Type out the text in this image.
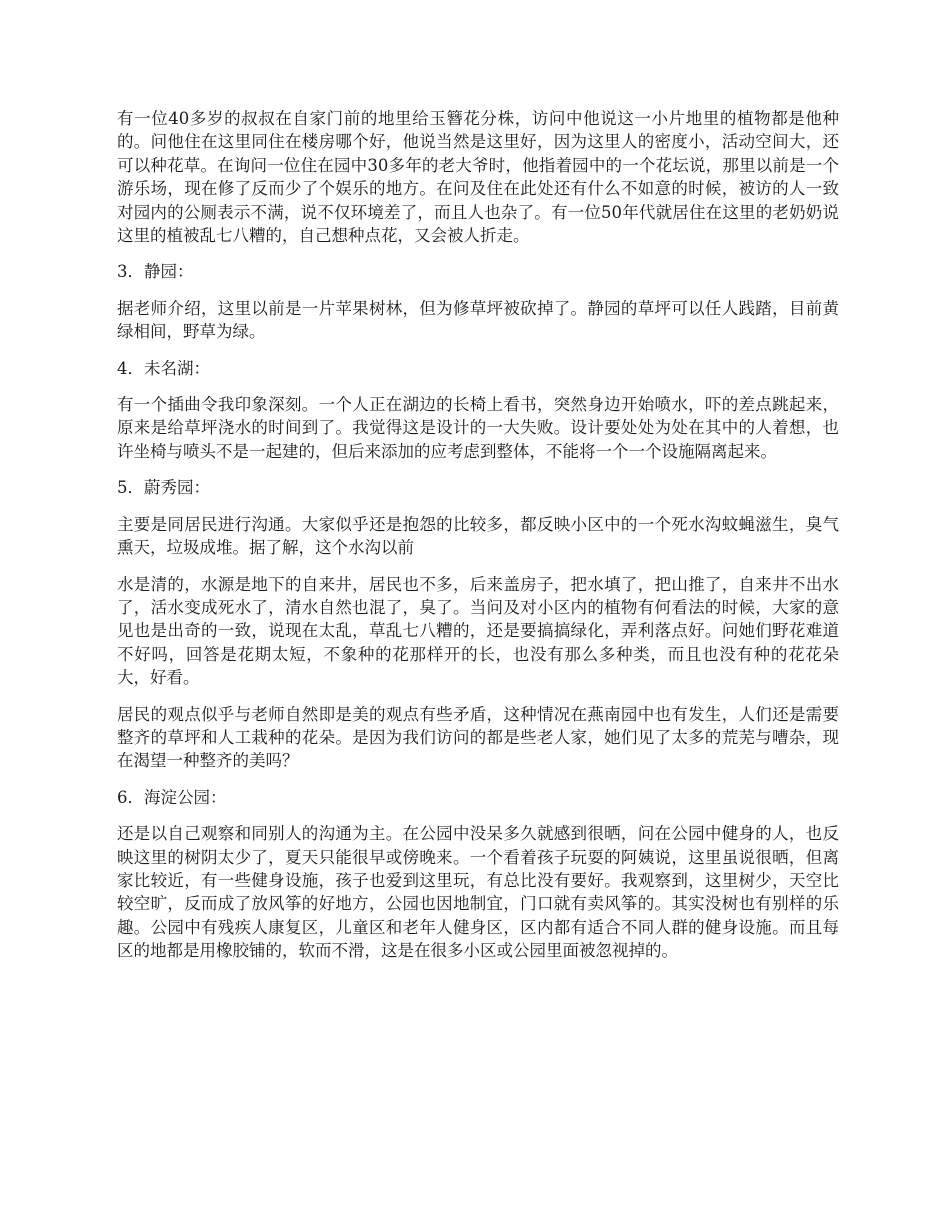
有一位40多岁的叔叔在自家门前的地里给玉簪花分株，访问中他说这一小片地里的植物都是他种的。问他住在这里同住在楼房哪个好，他说当然是这里好，因为这里人的密度小，活动空间大，还可以种花草。在询问一位住在园中30多年的老大爷时，他指着园中的一个花坛说，那里以前是一个游乐场，现在修了反而少了个娱乐的地方。在问及住在此处还有什么不如意的时候，被访的人一致对园内的公厕表示不满，说不仅环境差了，而且人也杂了。有一位50年代就居住在这里的老奶奶说这里的植被乱七八糟的，自己想种点花，又会被人折走。

3．静园：

据老师介绍，这里以前是一片苹果树林，但为修草坪被砍掉了。静园的草坪可以任人践踏，目前黄绿相间，野草为绿。

4．未名湖：

有一个插曲令我印象深刻。一个人正在湖边的长椅上看书，突然身边开始喷水，吓的差点跳起来，原来是给草坪浇水的时间到了。我觉得这是设计的一大失败。设计要处处为处在其中的人着想，也许坐椅与喷头不是一起建的，但后来添加的应考虑到整体，不能将一个一个设施隔离起来。

5．蔚秀园：

主要是同居民进行沟通。大家似乎还是抱怨的比较多，都反映小区中的一个死水沟蚊蝇滋生，臭气熏天，垃圾成堆。据了解，这个水沟以前

水是清的，水源是地下的自来井，居民也不多，后来盖房子，把水填了，把山推了，自来井不出水了，活水变成死水了，清水自然也混了，臭了。当问及对小区内的植物有何看法的时候，大家的意见也是出奇的一致，说现在太乱，草乱七八糟的，还是要搞搞绿化，弄利落点好。问她们野花难道不好吗，回答是花期太短，不象种的花那样开的长，也没有那么多种类，而且也没有种的花花朵大，好看。

居民的观点似乎与老师自然即是美的观点有些矛盾，这种情况在燕南园中也有发生，人们还是需要整齐的草坪和人工栽种的花朵。是因为我们访问的都是些老人家，她们见了太多的荒芜与嘈杂，现在渴望一种整齐的美吗？

6．海淀公园：

还是以自己观察和同别人的沟通为主。在公园中没呆多久就感到很晒，问在公园中健身的人，也反映这里的树阴太少了，夏天只能很早或傍晚来。一个看着孩子玩耍的阿姨说，这里虽说很晒，但离家比较近，有一些健身设施，孩子也爱到这里玩，有总比没有要好。我观察到，这里树少，天空比较空旷，反而成了放风筝的好地方，公园也因地制宜，门口就有卖风筝的。其实没树也有别样的乐趣。公园中有残疾人康复区，儿童区和老年人健身区，区内都有适合不同人群的健身设施。而且每区的地都是用橡胶铺的，软而不滑，这是在很多小区或公园里面被忽视掉的。
